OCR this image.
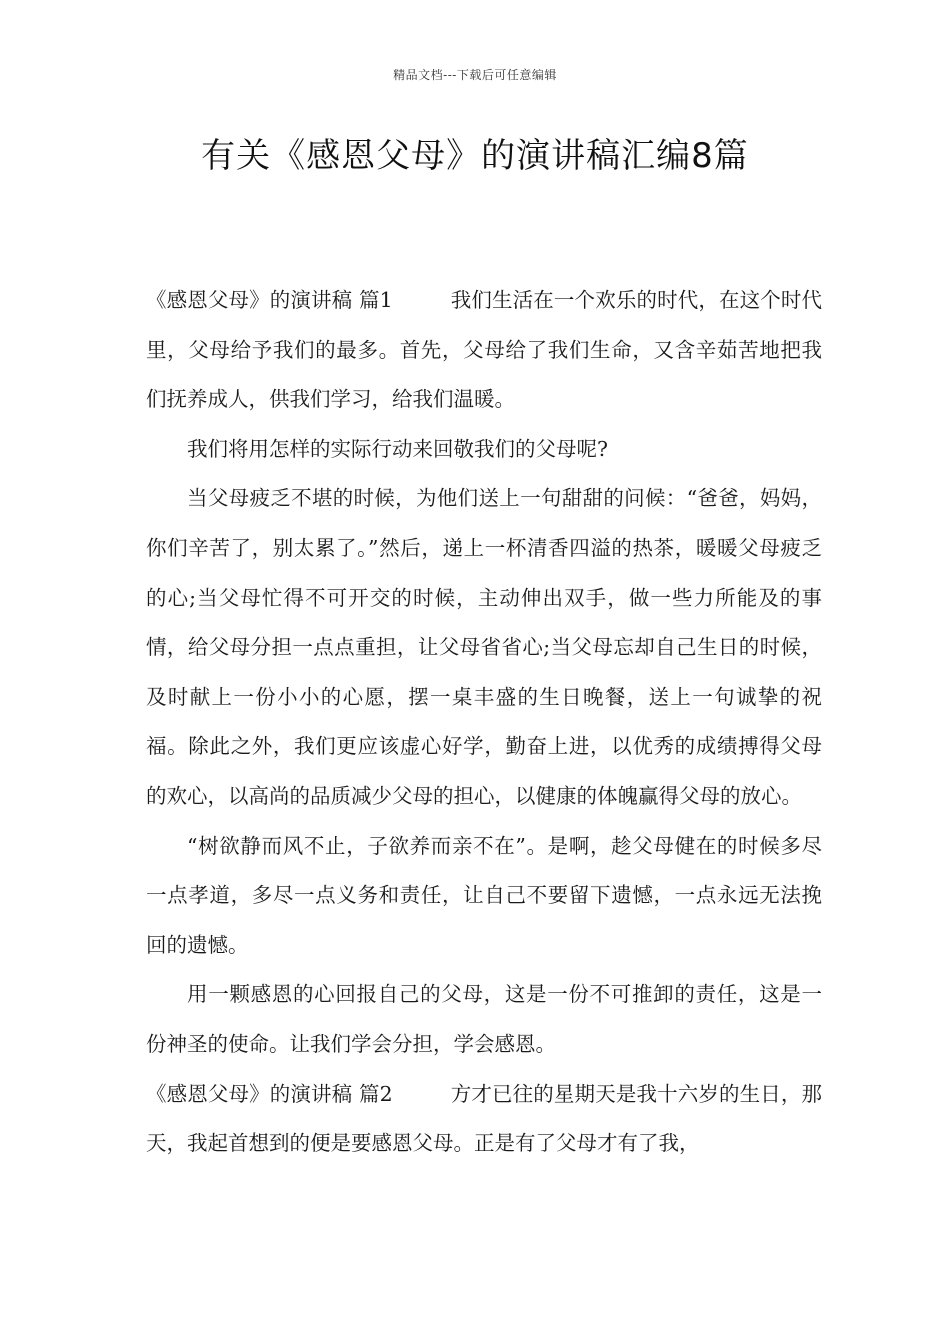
精品文档---下载后可任意编辑
有关《感恩父母》的演讲稿汇编8篇

《感恩父母》的演讲稿 篇1	我们生活在一个欢乐的时代，在这个时代里，父母给予我们的最多。首先，父母给了我们生命，又含辛茹苦地把我们抚养成人，供我们学习，给我们温暖。

我们将用怎样的实际行动来回敬我们的父母呢?

当父母疲乏不堪的时候，为他们送上一句甜甜的问候：“爸爸，妈妈，你们辛苦了，别太累了。”然后，递上一杯清香四溢的热茶，暖暖父母疲乏的心;当父母忙得不可开交的时候，主动伸出双手，做一些力所能及的事情，给父母分担一点点重担，让父母省省心;当父母忘却自己生日的时候，及时献上一份小小的心愿，摆一桌丰盛的生日晚餐，送上一句诚挚的祝福。除此之外，我们更应该虚心好学，勤奋上进，以优秀的成绩搏得父母的欢心，以高尚的品质减少父母的担心，以健康的体魄赢得父母的放心。

“树欲静而风不止，子欲养而亲不在”。是啊，趁父母健在的时候多尽一点孝道，多尽一点义务和责任，让自己不要留下遗憾，一点永远无法挽回的遗憾。

用一颗感恩的心回报自己的父母，这是一份不可推卸的责任，这是一份神圣的使命。让我们学会分担，学会感恩。

《感恩父母》的演讲稿 篇2	方才已往的星期天是我十六岁的生日，那天，我起首想到的便是要感恩父母。正是有了父母才有了我，
